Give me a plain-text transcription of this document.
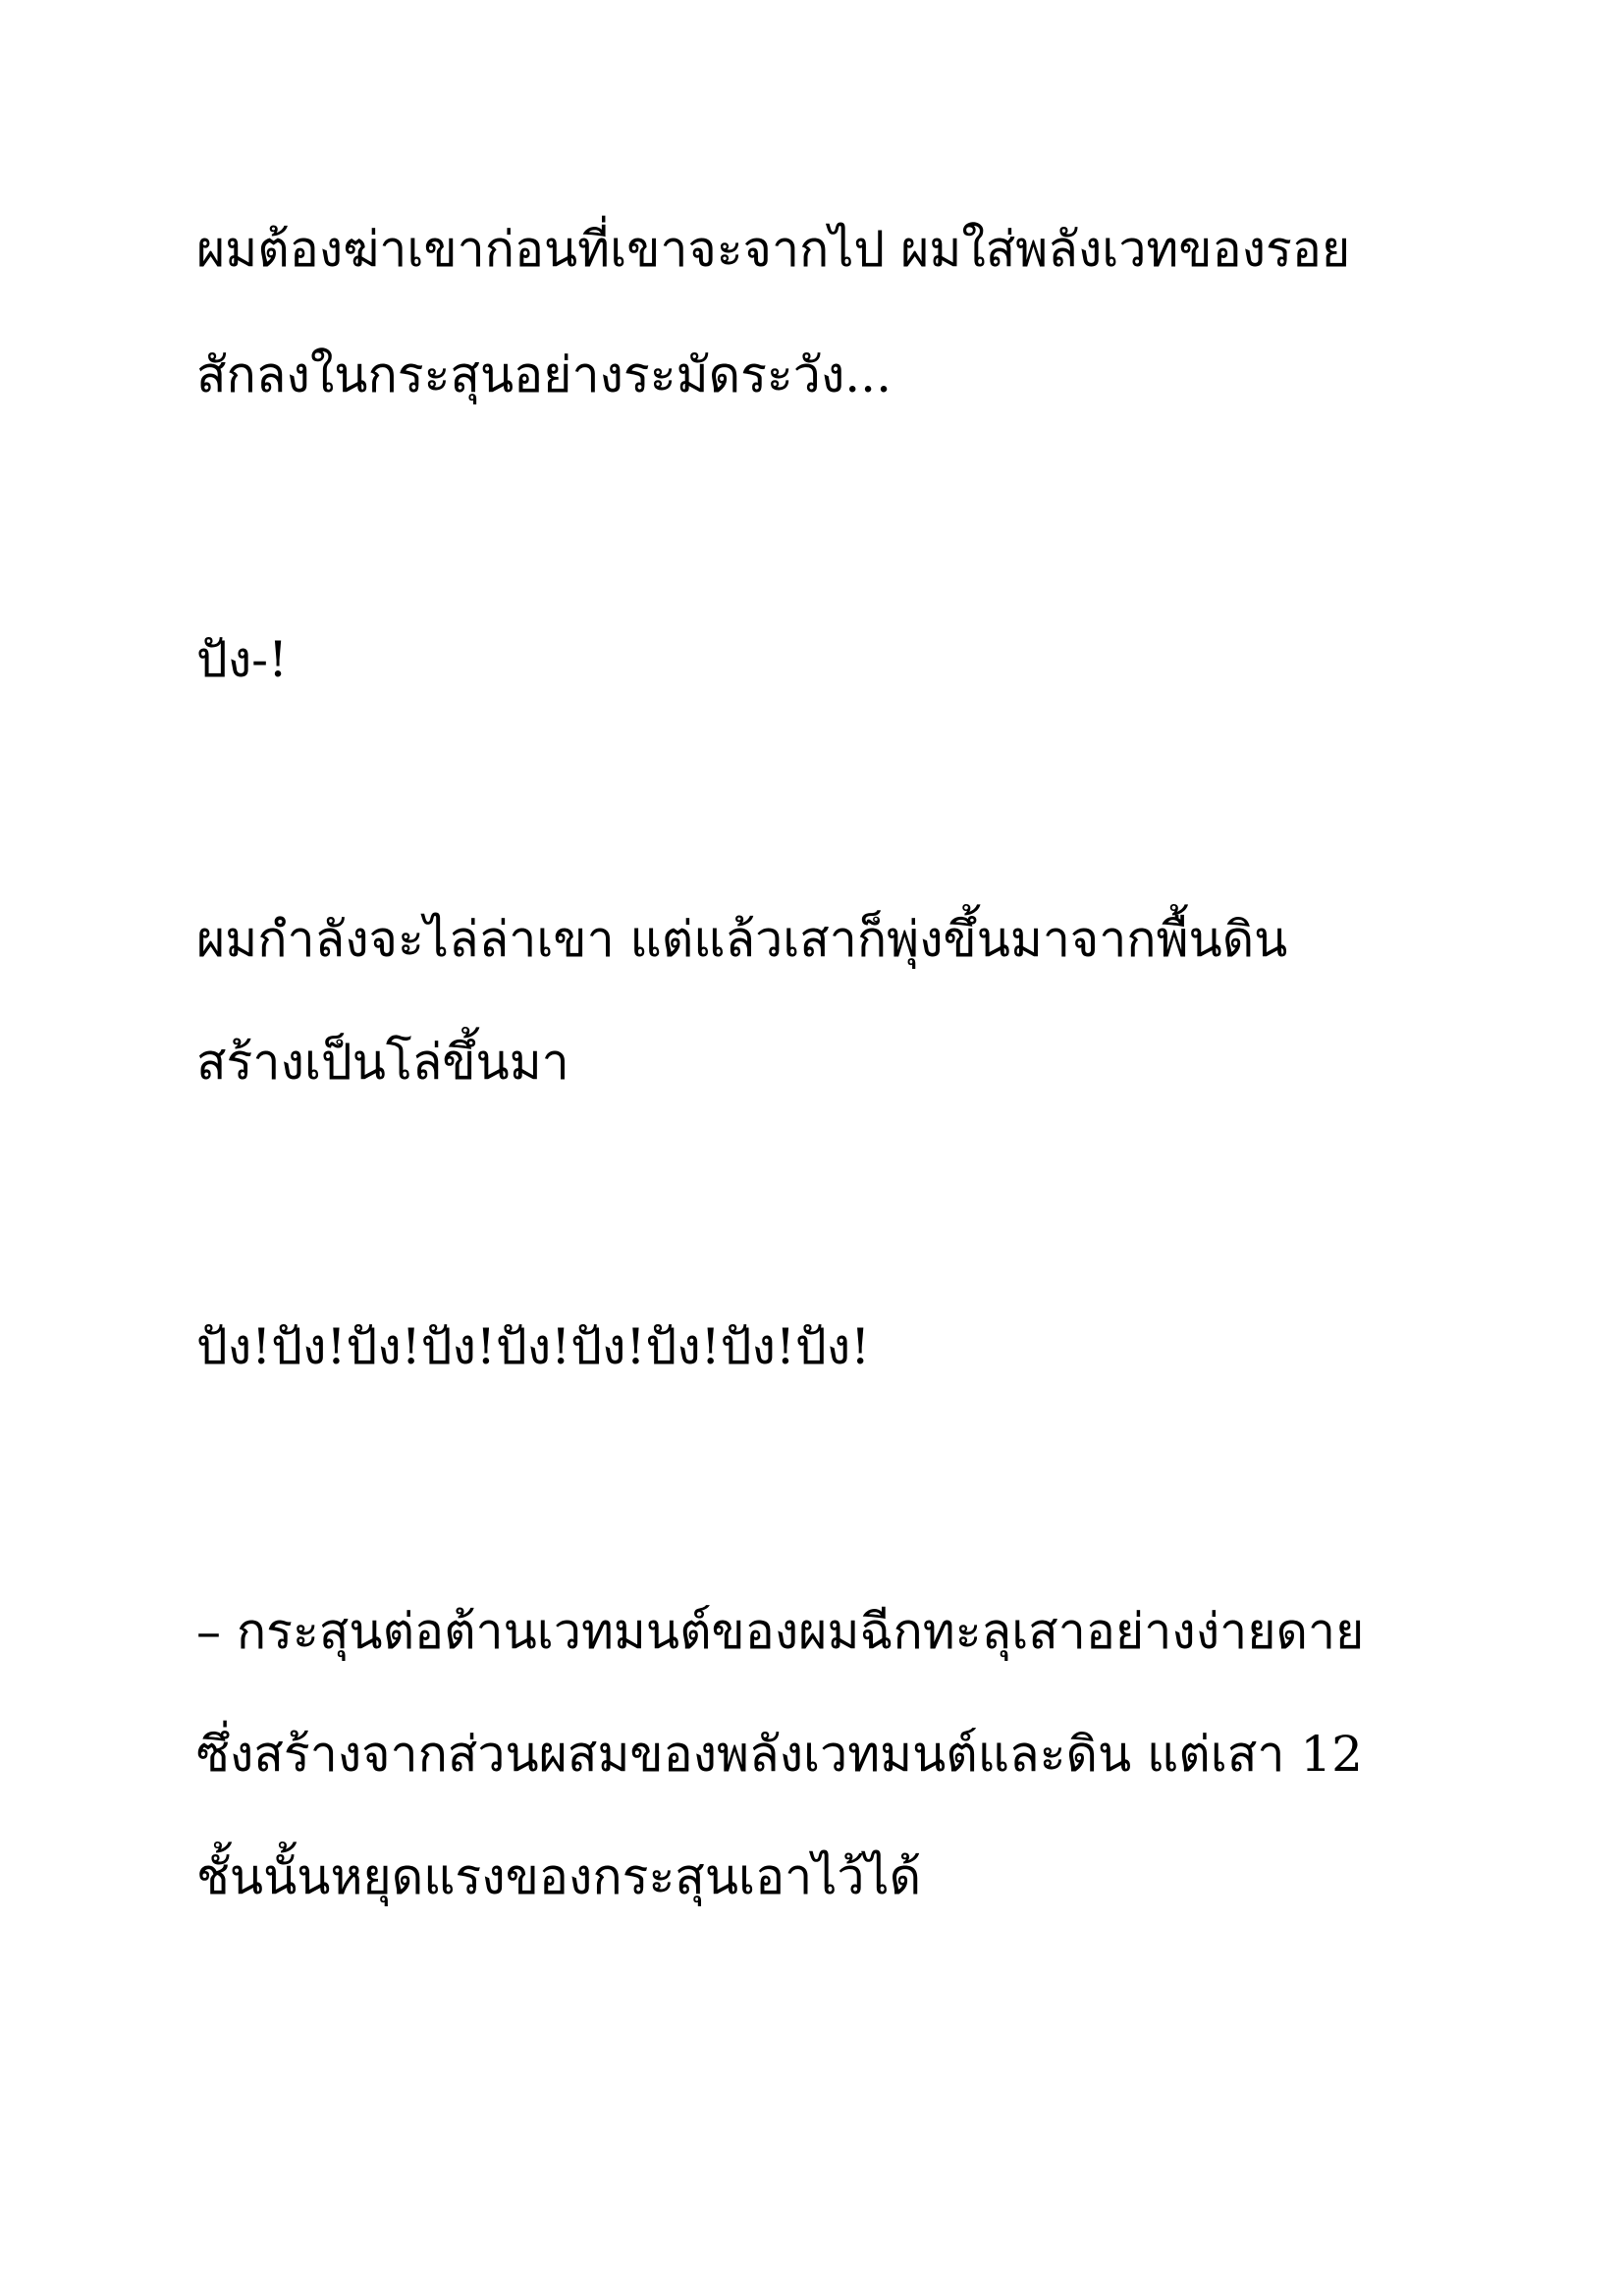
ผมต้องฆ่าเขาก่อนที่เขาจะจากไป ผมใส่พลังเวทของรอย

สักลงในกระสุนอย่างระมัดระวัง...

ปัง-!

ผมกำลังจะไล่ล่าเขา แต่แล้วเสาก็พุ่งขึ้นมาจากพื้นดิน

สร้างเป็นโล่ขึ้นมา

ปัง!ปัง!ปัง!ปัง!ปัง!ปัง!ปัง!ปัง!ปัง!

– กระสุนต่อต้านเวทมนต์ของผมฉีกทะลุเสาอย่างง่ายดาย

ซึ่งสร้างจากส่วนผสมของพลังเวทมนต์และดิน แต่เสา 12

ชั้นนั้นหยุดแรงของกระสุนเอาไว้ได้
